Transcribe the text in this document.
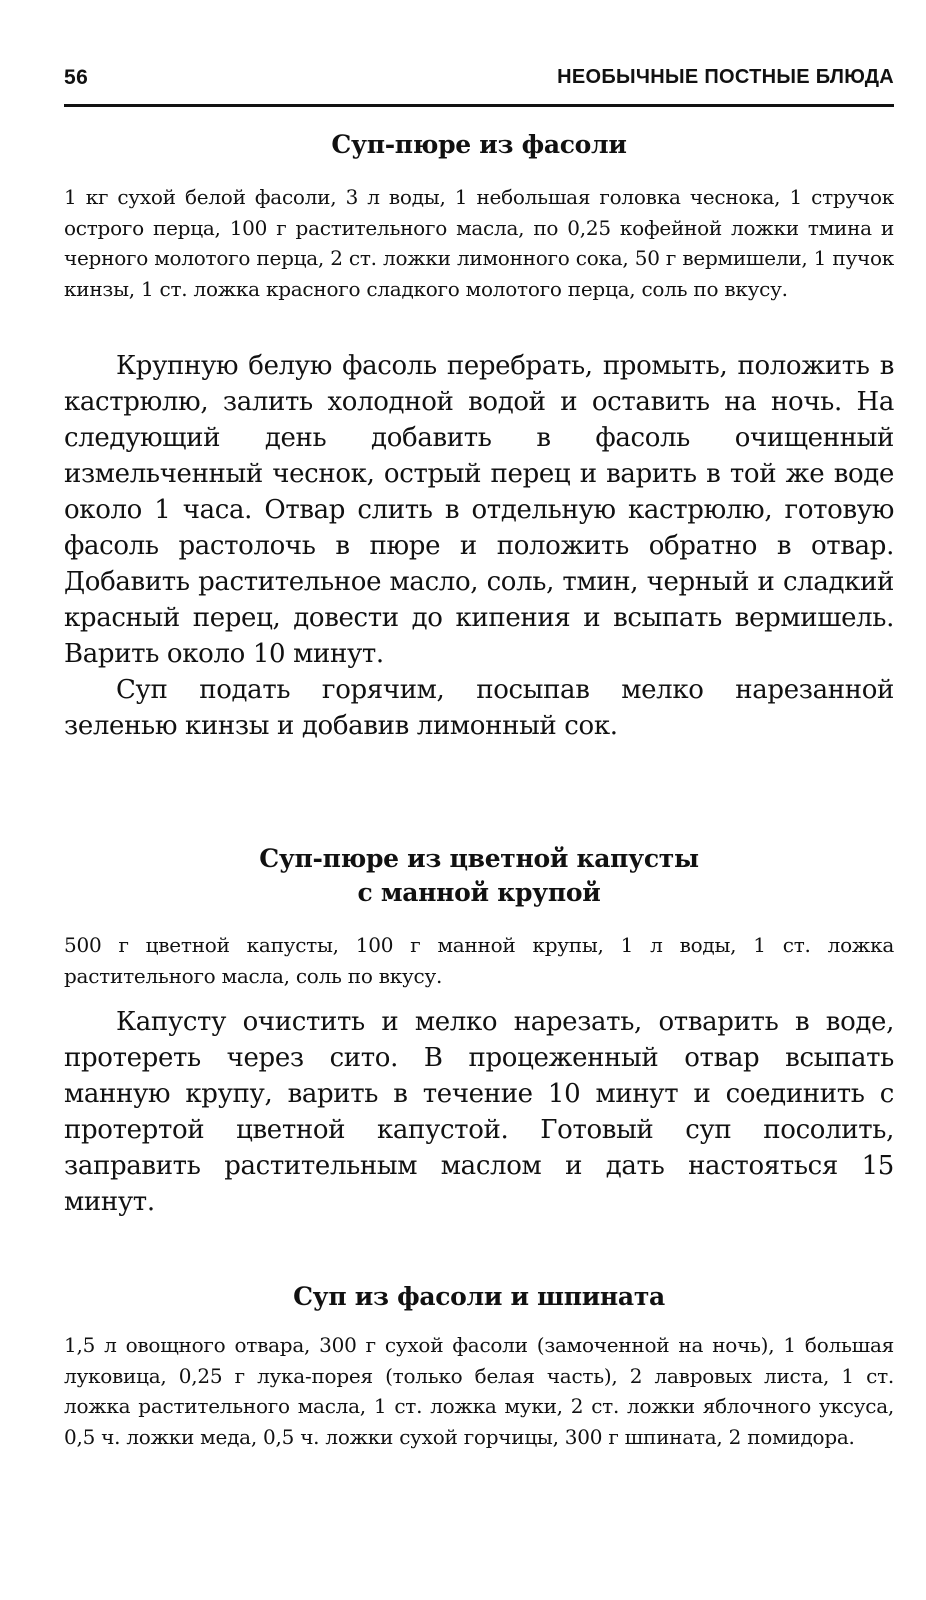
56	НЕОБЫЧНЫЕ ПОСТНЫЕ БЛЮДА
Суп-пюре из фасоли

1 кг сухой белой фасоли, 3 л воды, 1 небольшая головка чеснока, 1 стручок острого перца, 100 г растительного масла, по 0,25 кофейной ложки тмина и черного молотого перца, 2 ст. ложки лимонного сока, 50 г вермишели, 1 пучок кинзы, 1 ст. ложка красного сладкого молотого перца, соль по вкусу.

Крупную белую фасоль перебрать, промыть, положить в кастрюлю, залить холодной водой и оставить на ночь. На следующий день добавить в фасоль очищенный измельченный чеснок, острый перец и варить в той же воде около 1 часа. Отвар слить в отдельную кастрюлю, готовую фасоль растолочь в пюре и положить обратно в отвар. Добавить растительное масло, соль, тмин, черный и сладкий красный перец, довести до кипения и всыпать вермишель. Варить около 10 минут.

Суп подать горячим, посыпав мелко нарезанной зеленью кинзы и добавив лимонный сок.

Суп-пюре из цветной капусты
с манной крупой

500 г цветной капусты, 100 г манной крупы, 1 л воды, 1 ст. ложка растительного масла, соль по вкусу.

Капусту очистить и мелко нарезать, отварить в воде, протереть через сито. В процеженный отвар всыпать манную крупу, варить в течение 10 минут и соединить с протертой цветной капустой. Готовый суп посолить, заправить растительным маслом и дать настояться 15 минут.

Суп из фасоли и шпината

1,5 л овощного отвара, 300 г сухой фасоли (замоченной на ночь), 1 большая луковица, 0,25 г лука-порея (только белая часть), 2 лавровых листа, 1 ст. ложка растительного масла, 1 ст. ложка муки, 2 ст. ложки яблочного уксуса, 0,5 ч. ложки меда, 0,5 ч. ложки сухой горчицы, 300 г шпината, 2 помидора.
